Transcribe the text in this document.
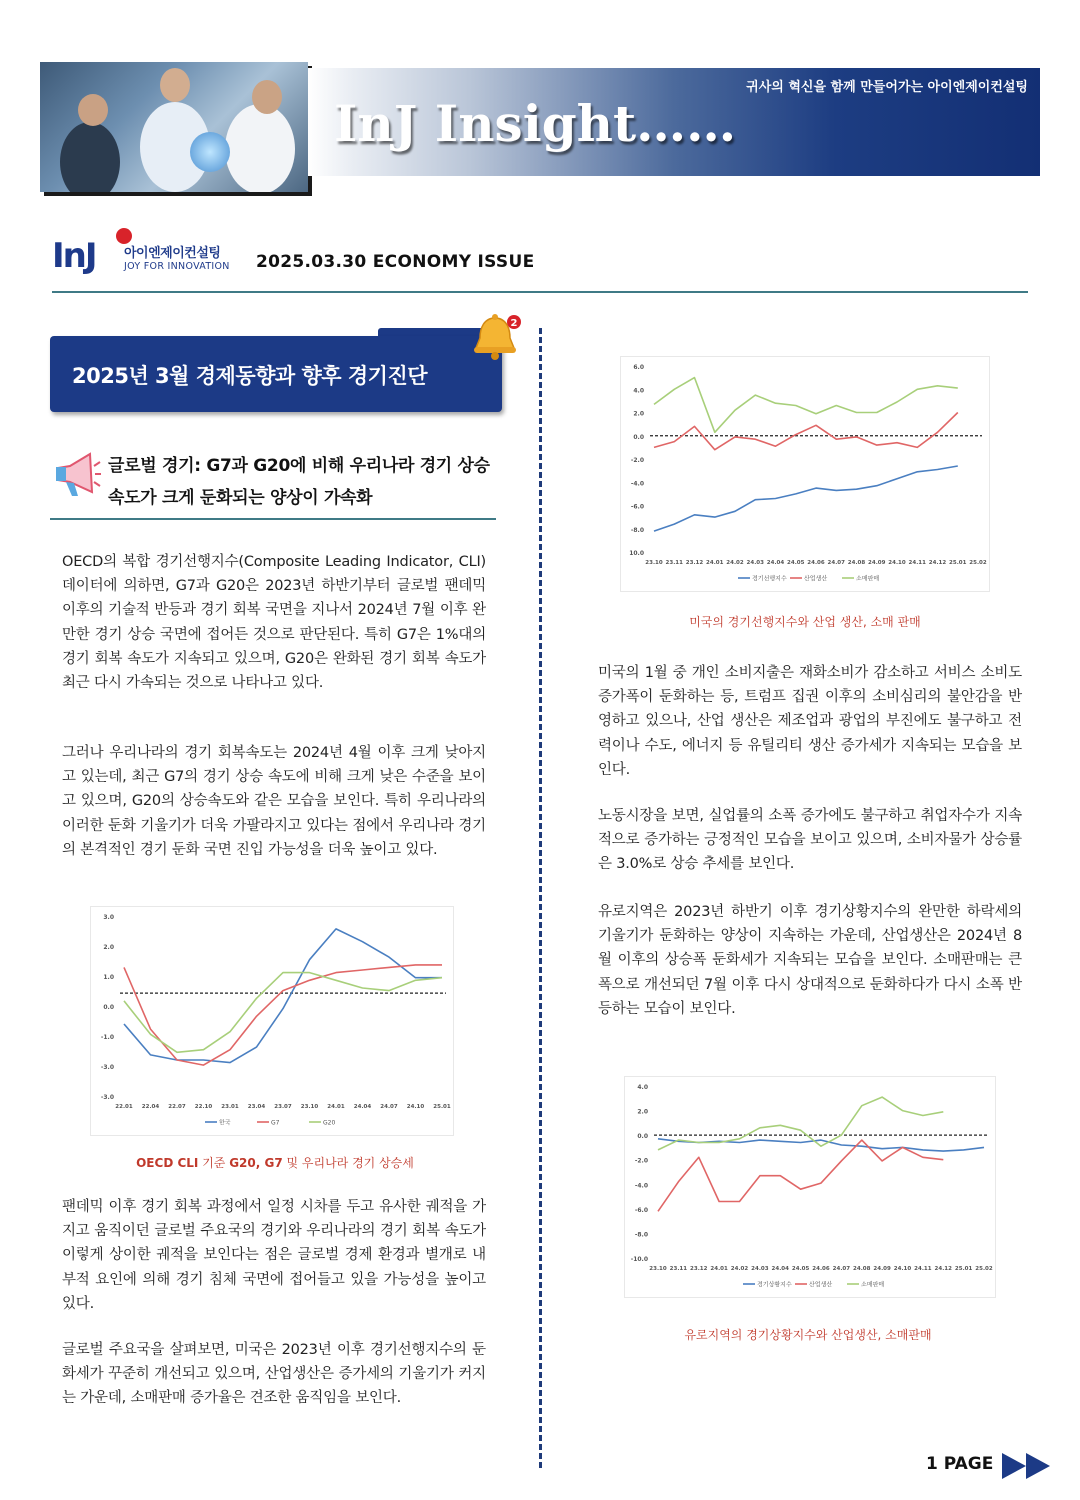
귀사의 혁신을 함께 만들어가는 아이엔제이컨설팅
InJ Insight……
InJ 아이엔제이컨설팅
JOY FOR INNOVATION 2025.03.30 ECONOMY ISSUE
2025년 3월 경제동향과 향후 경기진단
2
글로벌 경기: G7과 G20에 비해 우리나라 경기 상승 속도가 크게 둔화되는 양상이 가속화

OECD의 복합 경기선행지수(Composite Leading Indicator, CLI) 데이터에 의하면, G7과 G20은 2023년 하반기부터 글로벌 팬데믹 이후의 기술적 반등과 경기 회복 국면을 지나서 2024년 7월 이후 완만한 경기 상승 국면에 접어든 것으로 판단된다. 특히 G7은 1%대의 경기 회복 속도가 지속되고 있으며, G20은 완화된 경기 회복 속도가 최근 다시 가속되는 것으로 나타나고 있다.

그러나 우리나라의 경기 회복속도는 2024년 4월 이후 크게 낮아지고 있는데, 최근 G7의 경기 상승 속도에 비해 크게 낮은 수준을 보이고 있으며, G20의 상승속도와 같은 모습을 보인다. 특히 우리나라의 이러한 둔화 기울기가 더욱 가팔라지고 있다는 점에서 우리나라 경기의 본격적인 경기 둔화 국면 진입 가능성을 더욱 높이고 있다.

팬데믹 이후 경기 회복 과정에서 일정 시차를 두고 유사한 궤적을 가지고 움직이던 글로벌 주요국의 경기와 우리나라의 경기 회복 속도가 이렇게 상이한 궤적을 보인다는 점은 글로벌 경제 환경과 별개로 내부적 요인에 의해 경기 침체 국면에 접어들고 있을 가능성을 높이고 있다.

글로벌 주요국을 살펴보면, 미국은 2023년 이후 경기선행지수의 둔화세가 꾸준히 개선되고 있으며, 산업생산은 증가세의 기울기가 커지는 가운데, 소매판매 증가율은 견조한 움직임을 보인다.

미국의 1월 중 개인 소비지출은 재화소비가 감소하고 서비스 소비도 증가폭이 둔화하는 등, 트럼프 집권 이후의 소비심리의 불안감을 반영하고 있으나, 산업 생산은 제조업과 광업의 부진에도 불구하고 전력이나 수도, 에너지 등 유틸리티 생산 증가세가 지속되는 모습을 보인다.

노동시장을 보면, 실업률의 소폭 증가에도 불구하고 취업자수가 지속적으로 증가하는 긍정적인 모습을 보이고 있으며, 소비자물가 상승률은 3.0%로 상승 추세를 보인다.

유로지역은 2023년 하반기 이후 경기상황지수의 완만한 하락세의 기울기가 둔화하는 양상이 지속하는 가운데, 산업생산은 2024년 8월 이후의 상승폭 둔화세가 지속되는 모습을 보인다. 소매판매는 큰 폭으로 개선되던 7월 이후 다시 상대적으로 둔화하다가 다시 소폭 반등하는 모습이 보인다.

3.0
2.0
1.0
0.0
-1.0
-3.0
-3.0
22.01 22.04 22.07 22.10 23.01 23.04 23.07 23.10 24.01 24.04 24.07 24.10 25.01
한국	G7	G20
OECD CLI 기준 G20, G7 및 우리나라 경기 상승세
6.0
4.0
2.0
0.0
-2.0
-4.0
-6.0
-8.0
10.0
23.10 23.11 23.12 24.01 24.02 24.03 24.04 24.05 24.06 24.07 24.08 24.09 24.10 24.11 24.12 25.01 25.02
경기선행지수	산업생산	소매판매
미국의 경기선행지수와 산업 생산, 소매 판매
4.0
2.0
0.0
-2.0
-4.0
-6.0
-8.0
-10.0
23.10 23.11 23.12 24.01 24.02 24.03 24.04 24.05 24.06 24.07 24.08 24.09 24.10 24.11 24.12 25.01 25.02
경기상황지수	산업생산	소매판매
유로지역의 경기상황지수와 산업생산, 소매판매
1 PAGE
